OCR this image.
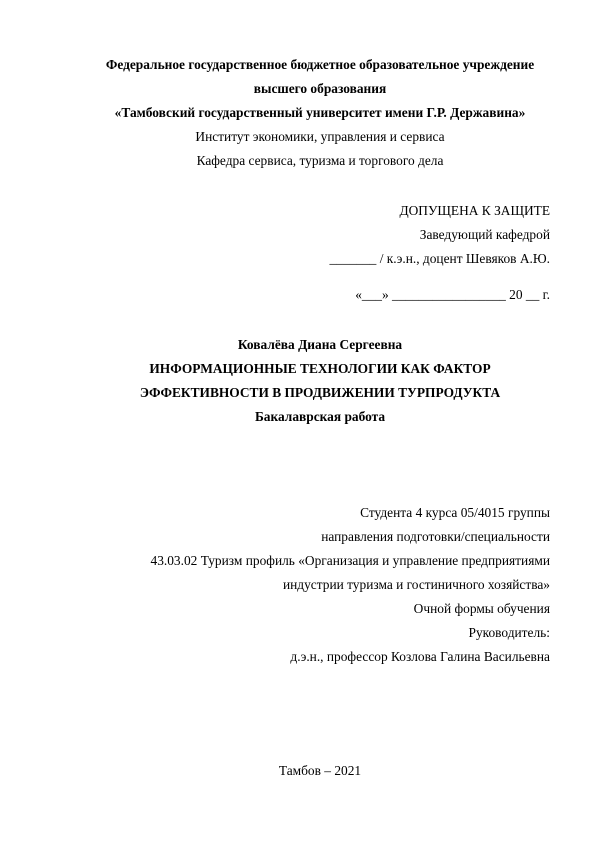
Федеральное государственное бюджетное образовательное учреждение
высшего образования
«Тамбовский государственный университет имени Г.Р. Державина»
Институт экономики, управления и сервиса
Кафедра сервиса, туризма и торгового дела
ДОПУЩЕНА К ЗАЩИТЕ
Заведующий кафедрой
_______ / к.э.н., доцент Шевяков А.Ю.
«___» _________________ 20 __ г.
Ковалёва Диана Сергеевна
ИНФОРМАЦИОННЫЕ ТЕХНОЛОГИИ КАК ФАКТОР
ЭФФЕКТИВНОСТИ В ПРОДВИЖЕНИИ ТУРПРОДУКТА
Бакалаврская работа
Студента 4 курса 05/4015 группы
направления подготовки/специальности
43.03.02 Туризм профиль «Организация и управление предприятиями
индустрии туризма и гостиничного хозяйства»
Очной формы обучения
Руководитель:
д.э.н., профессор Козлова Галина Васильевна
Тамбов – 2021
